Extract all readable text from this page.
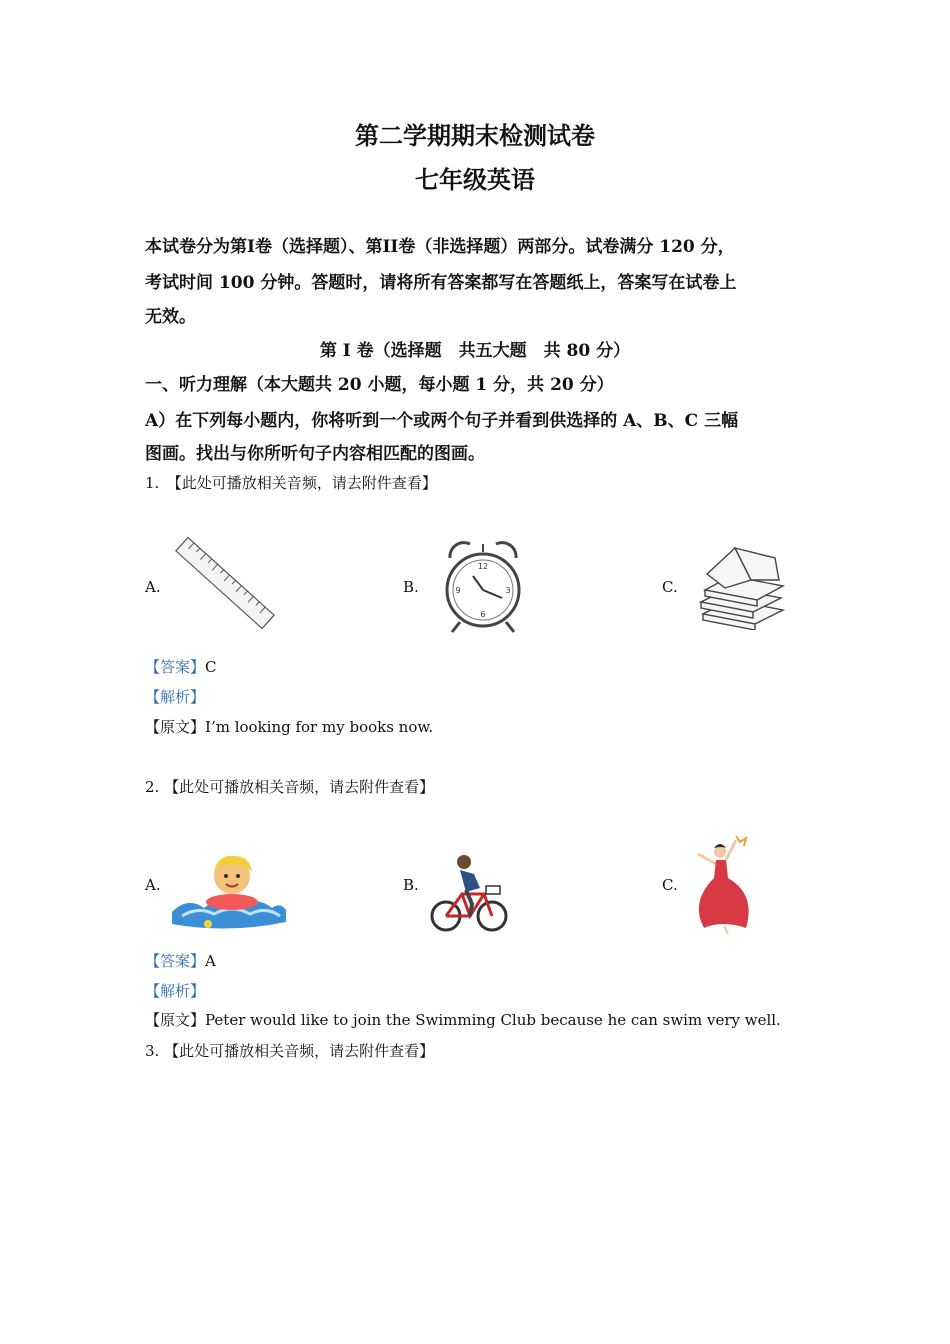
第二学期期末检测试卷
七年级英语
本试卷分为第I卷（选择题）、第II卷（非选择题）两部分。试卷满分 120 分，
考试时间 100 分钟。答题时，请将所有答案都写在答题纸上，答案写在试卷上
无效。
第 I 卷（选择题　共五大题　共 80 分）
一、听力理解（本大题共 20 小题，每小题 1 分，共 20 分）
A）在下列每小题内，你将听到一个或两个句子并看到供选择的 A、B、C 三幅
图画。找出与你所听句子内容相匹配的图画。
1.　【此处可播放相关音频，请去附件查看】
A.	B.
12
3
6
9	C.
【答案】C
【解析】
【原文】I’m looking for my books now.
2. 【此处可播放相关音频，请去附件查看】
A.	B.	C.
【答案】A
【解析】
【原文】Peter would like to join the Swimming Club because he can swim very well.
3. 【此处可播放相关音频，请去附件查看】
